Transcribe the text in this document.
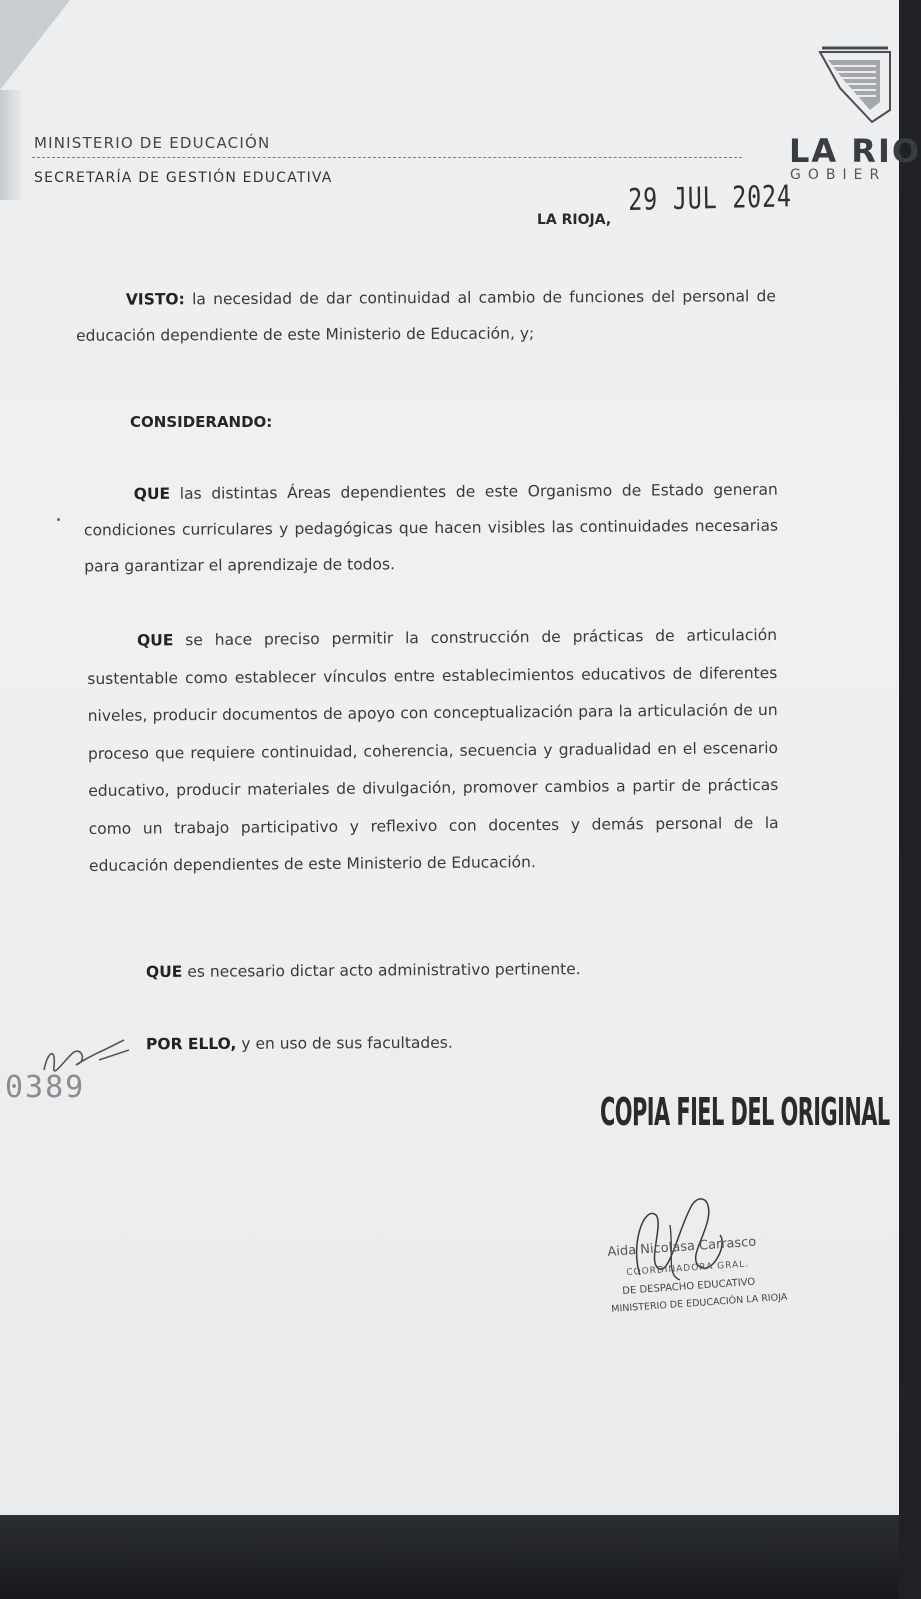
MINISTERIO DE EDUCACIÓN
SECRETARÍA DE GESTIÓN EDUCATIVA
LA RIO
GOBIER
LA RIOJA,
29 JUL 2024
VISTO: la necesidad de dar continuidad al cambio de funciones del personal de educación dependiente de este Ministerio de Educación, y;
CONSIDERANDO:
QUE las distintas Áreas dependientes de este Organismo de Estado generan condiciones curriculares y pedagógicas que hacen visibles las continuidades necesarias para garantizar el aprendizaje de todos.
QUE se hace preciso permitir la construcción de prácticas de articulación sustentable como establecer vínculos entre establecimientos educativos de diferentes niveles, producir documentos de apoyo con conceptualización para la articulación de un proceso que requiere continuidad, coherencia, secuencia y gradualidad en el escenario educativo, producir materiales de divulgación, promover cambios a partir de prácticas como un trabajo participativo y reflexivo con docentes y demás personal de la educación dependientes de este Ministerio de Educación.
QUE es necesario dictar acto administrativo pertinente.
POR ELLO, y en uso de sus facultades.
0389
COPIA FIEL DEL ORIGINAL
Aida Nicolasa Carrasco
COORDINADORA GRAL.
DE DESPACHO EDUCATIVO
MINISTERIO DE EDUCACIÓN LA RIOJA
